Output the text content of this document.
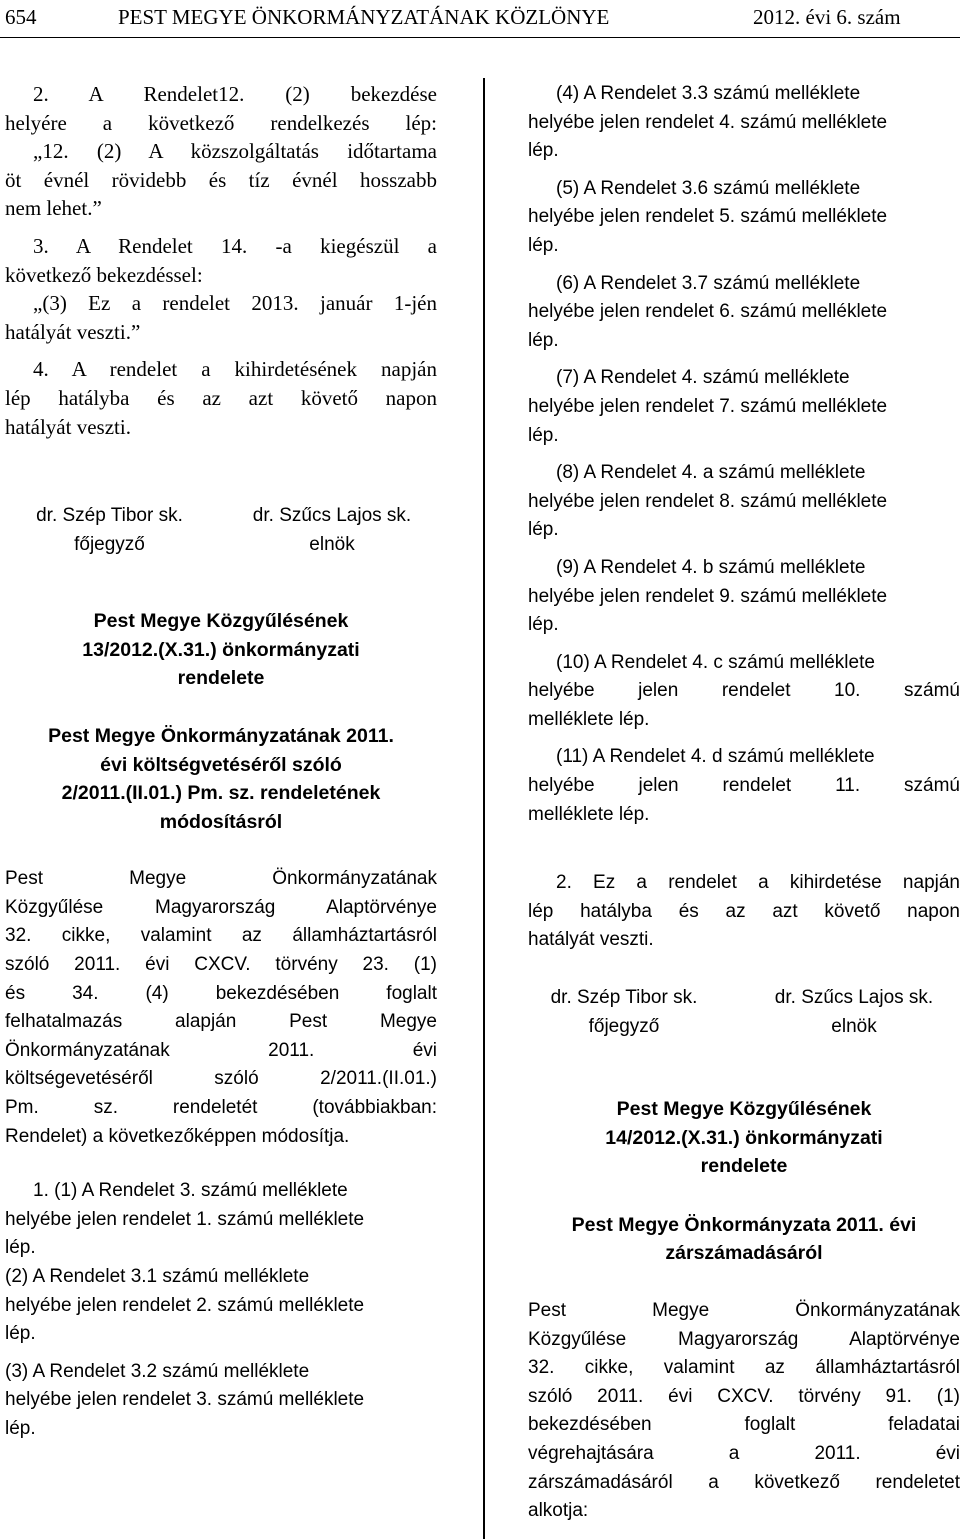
654

	PEST MEGYE ÖNKORMÁNYZATÁNAK KÖZLÖNYE

	2012. évi 6. szám

2. A Rendelet12. (2) bekezdése
helyére a következő rendelkezés lép:
„12. (2) A közszolgáltatás időtartama
öt évnél rövidebb és tíz évnél hosszabb
nem lehet.”
3. A Rendelet 14. -a kiegészül a
következő bekezdéssel:
„(3) Ez a rendelet 2013. január 1-jén
hatályát veszti.”
4. A rendelet a kihirdetésének napján
lép hatályba és az azt követő napon
hatályát veszti.
dr. Szép Tibor sk.
főjegyző
dr. Szűcs Lajos sk.
elnök
Pest Megye Közgyűlésének
13/2012.(X.31.) önkormányzati
rendelete
Pest Megye Önkormányzatának 2011.
évi költségvetéséről szóló
2/2011.(II.01.) Pm. sz. rendeletének
módosításról
Pest Megye Önkormányzatának
Közgyűlése Magyarország Alaptörvénye
32. cikke, valamint az államháztartásról
szóló 2011. évi CXCV. törvény 23. (1)
és 34. (4) bekezdésében foglalt
felhatalmazás alapján Pest Megye
Önkormányzatának 2011. évi
költségevetéséről szóló 2/2011.(II.01.)
Pm. sz. rendeletét (továbbiakban:
Rendelet) a következőképpen módosítja.
1. (1) A Rendelet 3. számú melléklete
helyébe jelen rendelet 1. számú melléklete
lép.
(2) A Rendelet 3.1 számú melléklete
helyébe jelen rendelet 2. számú melléklete
lép.
(3) A Rendelet 3.2 számú melléklete
helyébe jelen rendelet 3. számú melléklete
lép.
(4) A Rendelet 3.3 számú melléklete
helyébe jelen rendelet 4. számú melléklete
lép.
(5) A Rendelet 3.6 számú melléklete
helyébe jelen rendelet 5. számú melléklete
lép.
(6) A Rendelet 3.7 számú melléklete
helyébe jelen rendelet 6. számú melléklete
lép.
(7) A Rendelet 4. számú melléklete
helyébe jelen rendelet 7. számú melléklete
lép.
(8) A Rendelet 4. a számú melléklete
helyébe jelen rendelet 8. számú melléklete
lép.
(9) A Rendelet 4. b számú melléklete
helyébe jelen rendelet 9. számú melléklete
lép.
(10) A Rendelet 4. c számú melléklete
helyébe jelen rendelet 10. számú
melléklete lép.
(11) A Rendelet 4. d számú melléklete
helyébe jelen rendelet 11. számú
melléklete lép.
2. Ez a rendelet a kihirdetése napján
lép hatályba és az azt követő napon
hatályát veszti.
dr. Szép Tibor sk.
főjegyző
dr. Szűcs Lajos sk.
elnök
Pest Megye Közgyűlésének
14/2012.(X.31.) önkormányzati
rendelete
Pest Megye Önkormányzata 2011. évi
zárszámadásáról
Pest Megye Önkormányzatának
Közgyűlése Magyarország Alaptörvénye
32. cikke, valamint az államháztartásról
szóló 2011. évi CXCV. törvény 91. (1)
bekezdésében foglalt feladatai
végrehajtására a 2011. évi
zárszámadásáról a következő rendeletet
alkotja:
